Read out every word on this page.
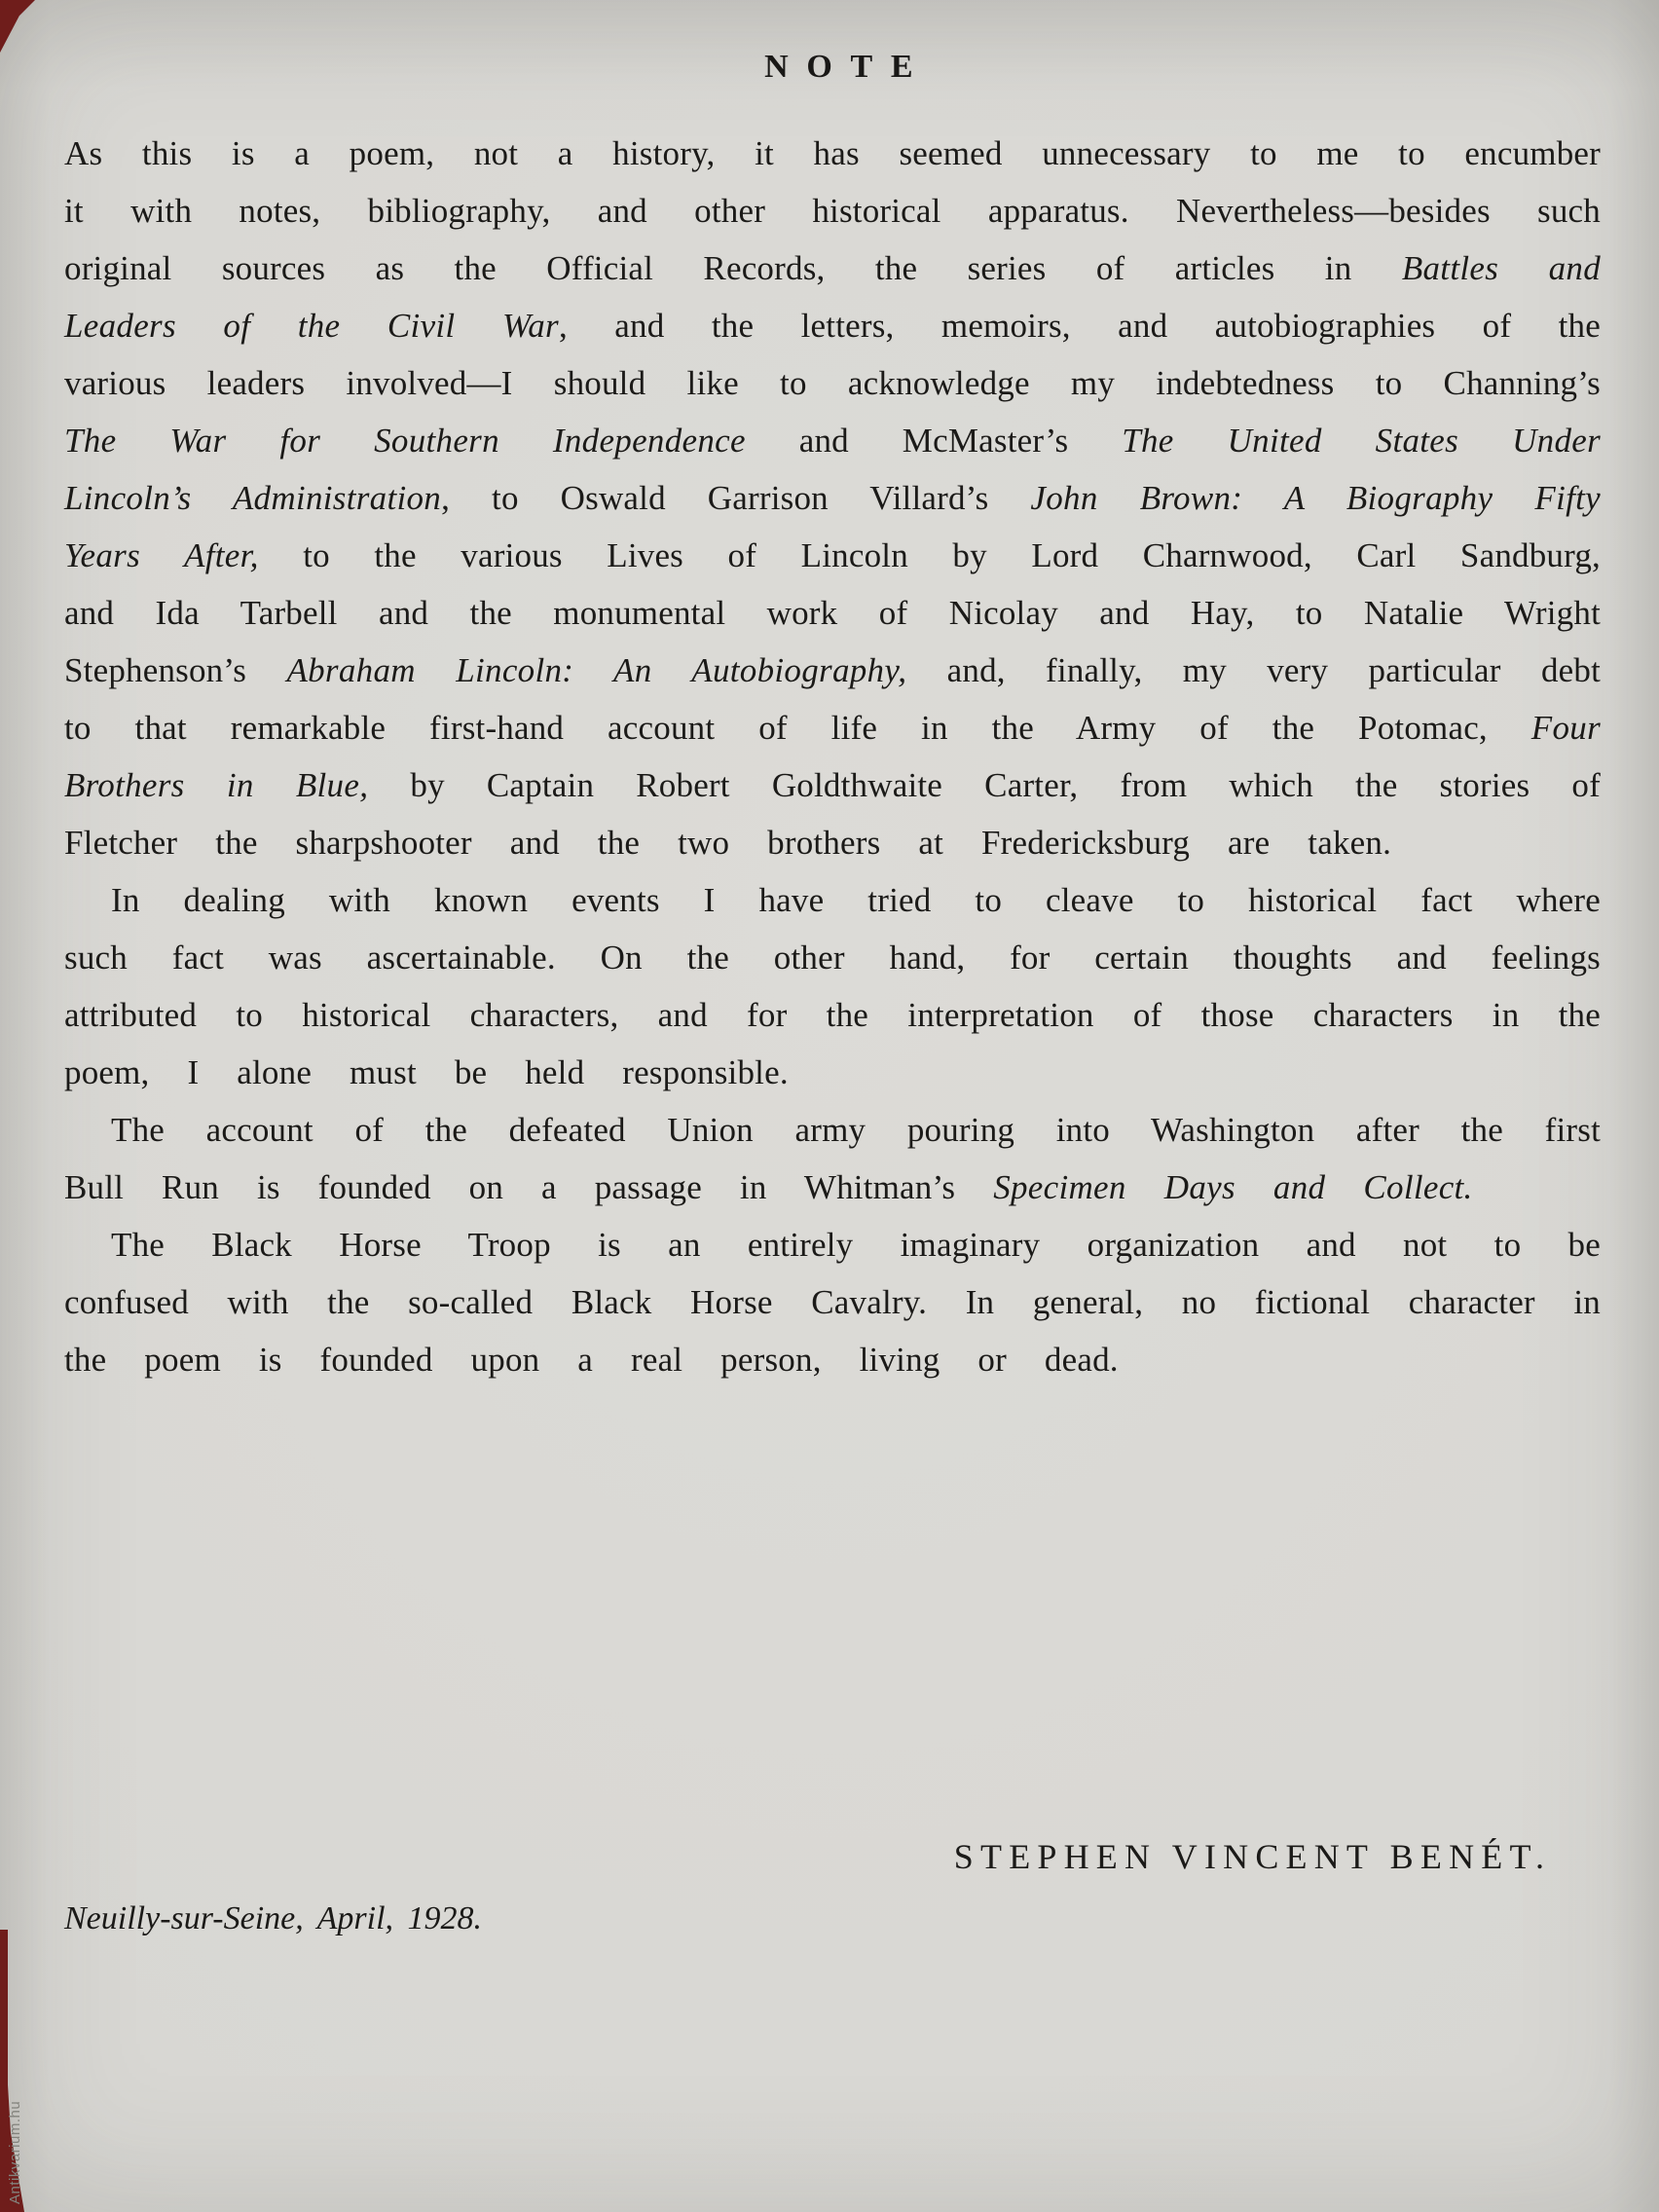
Antikvarium.hu
NOTE

As this is a poem, not a history, it has seemed unnecessary to me to encumber it with notes, bibliography, and other historical apparatus. Nevertheless—besides such original sources as the Official Records, the series of articles in Battles and Leaders of the Civil War, and the letters, memoirs, and autobiographies of the various leaders involved—I should like to acknowledge my indebtedness to Channing’s The War for Southern Independence and McMaster’s The United States Under Lincoln’s Administration, to Oswald Garrison Villard’s John Brown: A Biography Fifty Years After, to the various Lives of Lincoln by Lord Charnwood, Carl Sandburg, and Ida Tarbell and the monumental work of Nicolay and Hay, to Natalie Wright Stephenson’s Abraham Lincoln: An Autobiography, and, finally, my very particular debt to that remarkable first-hand account of life in the Army of the Potomac, Four Brothers in Blue, by Captain Robert Goldthwaite Carter, from which the stories of Fletcher the sharpshooter and the two brothers at Fredericksburg are taken.

In dealing with known events I have tried to cleave to historical fact where such fact was ascertainable. On the other hand, for certain thoughts and feelings attributed to historical characters, and for the interpretation of those characters in the poem, I alone must be held responsible.

The account of the defeated Union army pouring into Washington after the first Bull Run is founded on a passage in Whitman’s Specimen Days and Collect.

The Black Horse Troop is an entirely imaginary organization and not to be confused with the so-called Black Horse Cavalry. In general, no fictional character in the poem is founded upon a real person, living or dead.

STEPHEN VINCENT BENÉT.
Neuilly-sur-Seine, April, 1928.
